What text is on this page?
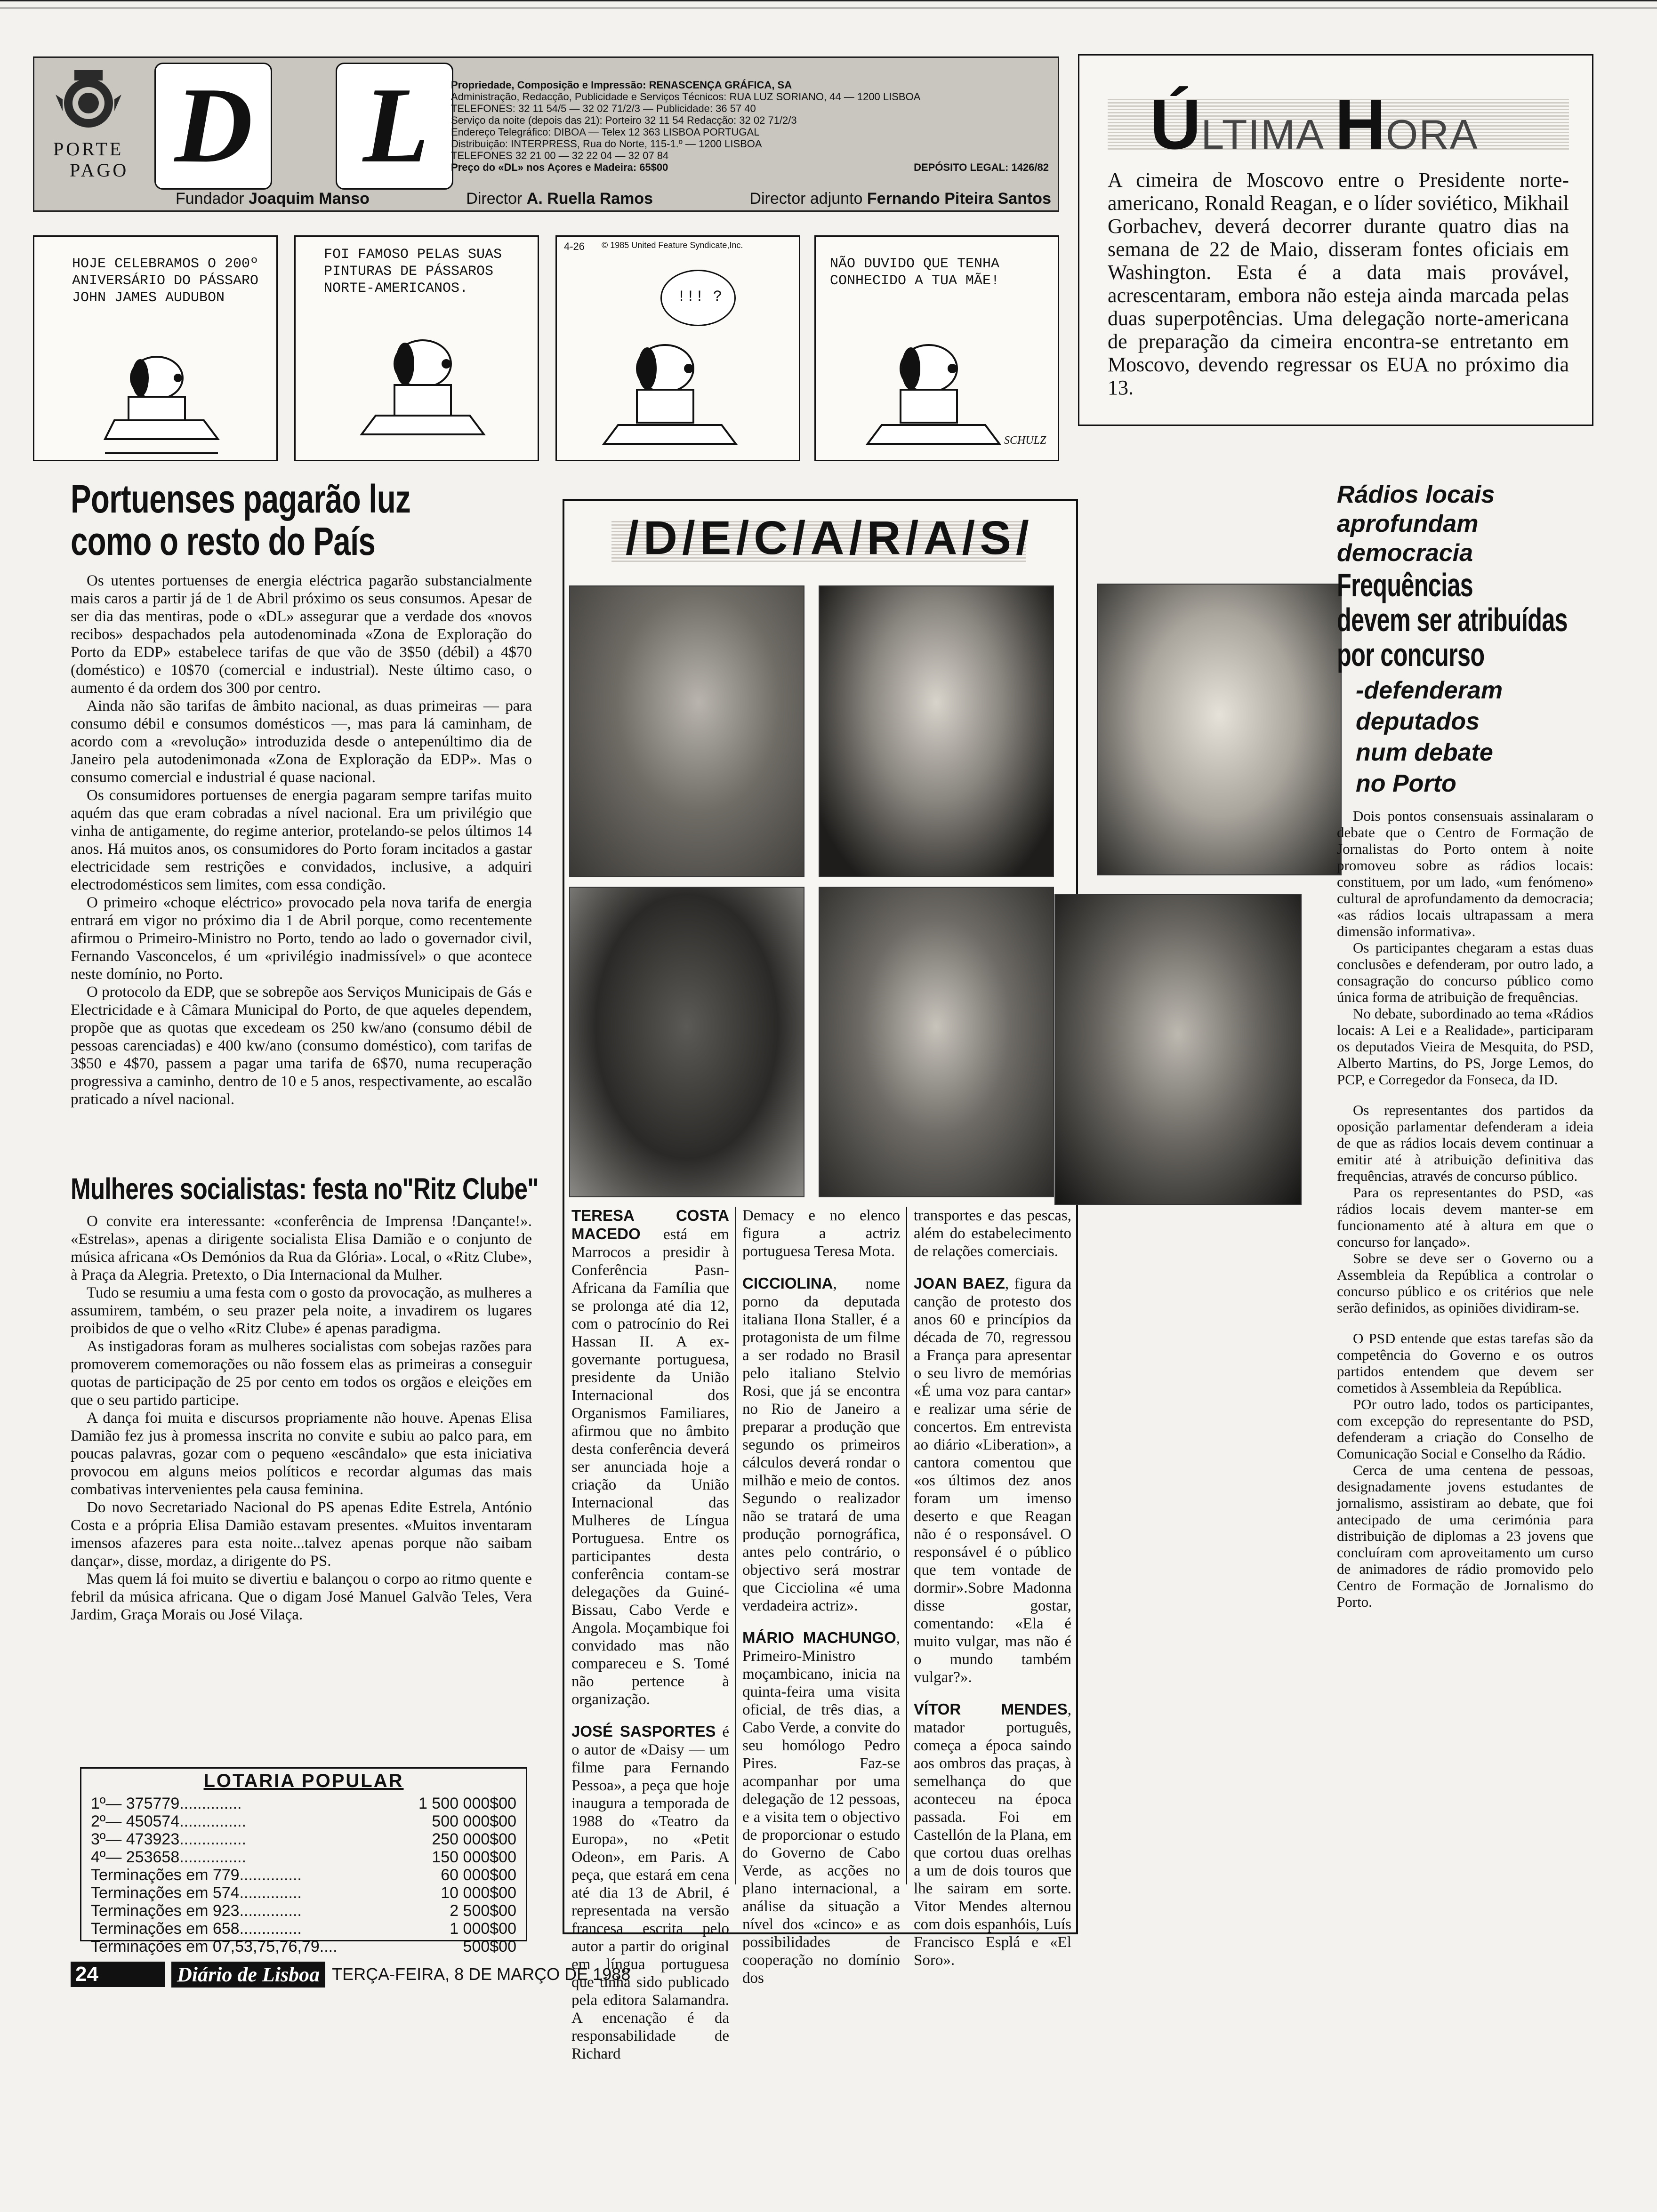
PORTE
PAGO D L Propriedade, Composição e Impressão: RENASCENÇA GRÁFICA, SA
Administração, Redacção, Publicidade e Serviços Técnicos: RUA LUZ SORIANO, 44 — 1200 LISBOA
TELEFONES: 32 11 54/5 — 32 02 71/2/3 — Publicidade: 36 57 40
Serviço da noite (depois das 21): Porteiro 32 11 54 Redacção: 32 02 71/2/3
Endereço Telegráfico: DIBOA — Telex 12 363 LISBOA PORTUGAL
Distribuição: INTERPRESS, Rua do Norte, 115-1.º — 1200 LISBOA
TELEFONES 32 21 00 — 32 22 04 — 32 07 84
Preço do «DL» nos Açores e Madeira: 65$00	DEPÓSITO LEGAL: 1426/82
Fundador Joaquim Manso	Director A. Ruella Ramos	Director adjunto Fernando Piteira Santos
ÚLTIMA HORA
A cimeira de Moscovo entre o Presidente norte-americano, Ronald Reagan, e o líder soviético, Mikhail Gorbachev, deverá decorrer durante quatro dias na semana de 22 de Maio, disseram fontes oficiais em Washington. Esta é a data mais provável, acrescentaram, embora não esteja ainda marcada pelas duas superpotências. Uma delegação norte-americana de preparação da cimeira encontra-se entretanto em Moscovo, devendo regressar os EUA no próximo dia 13.
HOJE CELEBRAMOS O 200º ANIVERSÁRIO DO PÁSSARO JOHN JAMES AUDUBON
FOI FAMOSO PELAS SUAS PINTURAS DE PÁSSAROS NORTE-AMERICANOS.
4-26 © 1985 United Feature Syndicate,Inc.
!!! ?
NÃO DUVIDO QUE TENHA CONHECIDO A TUA MÃE!
SCHULZ
Portuenses pagarão luz
como o resto do País

Os utentes portuenses de energia eléctrica pagarão substancialmente mais caros a partir já de 1 de Abril próximo os seus consumos. Apesar de ser dia das mentiras, pode o «DL» assegurar que a verdade dos «novos recibos» despachados pela autodenominada «Zona de Exploração do Porto da EDP» estabelece tarifas de que vão de 3$50 (débil) a 4$70 (doméstico) e 10$70 (comercial e industrial). Neste último caso, o aumento é da ordem dos 300 por centro.

Ainda não são tarifas de âmbito nacional, as duas primeiras — para consumo débil e consumos domésticos —, mas para lá caminham, de acordo com a «revolução» introduzida desde o antepenúltimo dia de Janeiro pela autodenimonada «Zona de Exploração da EDP». Mas o consumo comercial e industrial é quase nacional.

Os consumidores portuenses de energia pagaram sempre tarifas muito aquém das que eram cobradas a nível nacional. Era um privilégio que vinha de antigamente, do regime anterior, protelando-se pelos últimos 14 anos. Há muitos anos, os consumidores do Porto foram incitados a gastar electricidade sem restrições e convidados, inclusive, a adquiri electrodomésticos sem limites, com essa condição.

O primeiro «choque eléctrico» provocado pela nova tarifa de energia entrará em vigor no próximo dia 1 de Abril porque, como recentemente afirmou o Primeiro-Ministro no Porto, tendo ao lado o governador civil, Fernando Vasconcelos, é um «privilégio inadmissível» o que acontece neste domínio, no Porto.

O protocolo da EDP, que se sobrepõe aos Serviços Municipais de Gás e Electricidade e à Câmara Municipal do Porto, de que aqueles dependem, propõe que as quotas que excedeam os 250 kw/ano (consumo débil de pessoas carenciadas) e 400 kw/ano (consumo doméstico), com tarifas de 3$50 e 4$70, passem a pagar uma tarifa de 6$70, numa recuperação progressiva a caminho, dentro de 10 e 5 anos, respectivamente, ao escalão praticado a nível nacional.

Mulheres socialistas: festa no"Ritz Clube"

O convite era interessante: «conferência de Imprensa !Dançante!». «Estrelas», apenas a dirigente socialista Elisa Damião e o conjunto de música africana «Os Demónios da Rua da Glória». Local, o «Ritz Clube», à Praça da Alegria. Pretexto, o Dia Internacional da Mulher.

Tudo se resumiu a uma festa com o gosto da provocação, as mulheres a assumirem, também, o seu prazer pela noite, a invadirem os lugares proibidos de que o velho «Ritz Clube» é apenas paradigma.

As instigadoras foram as mulheres socialistas com sobejas razões para promoverem comemorações ou não fossem elas as primeiras a conseguir quotas de participação de 25 por cento em todos os orgãos e eleições em que o seu partido participe.

A dança foi muita e discursos propriamente não houve. Apenas Elisa Damião fez jus à promessa inscrita no convite e subiu ao palco para, em poucas palavras, gozar com o pequeno «escândalo» que esta iniciativa provocou em alguns meios políticos e recordar algumas das mais combativas intervenientes pela causa feminina.

Do novo Secretariado Nacional do PS apenas Edite Estrela, António Costa e a própria Elisa Damião estavam presentes. «Muitos inventaram imensos afazeres para esta noite...talvez apenas porque não saibam dançar», disse, mordaz, a dirigente do PS.

Mas quem lá foi muito se divertiu e balançou o corpo ao ritmo quente e febril da música africana. Que o digam José Manuel Galvão Teles, Vera Jardim, Graça Morais ou José Vilaça.

LOTARIA POPULAR
1º— 375779..............	1 500 000$00
2º— 450574...............	500 000$00
3º— 473923...............	250 000$00
4º— 253658...............	150 000$00
Terminações em 779..............	60 000$00
Terminações em 574..............	10 000$00
Terminações em 923..............	2 500$00
Terminações em 658..............	1 000$00
Terminações em 07,53,75,76,79....	500$00
24	Diário de Lisboa TERÇA-FEIRA, 8 DE MARÇO DE 1988
/D/E/C/A/R/A/S/

TERESA COSTA MACEDO está em Marrocos a presidir à Conferência Pasn-Africana da Família que se prolonga até dia 12, com o patrocínio do Rei Hassan II. A ex-governante portuguesa, presidente da União Internacional dos Organismos Familiares, afirmou que no âmbito desta conferência deverá ser anunciada hoje a criação da União Internacional das Mulheres de Língua Portuguesa. Entre os participantes desta conferência contam-se delegações da Guiné-Bissau, Cabo Verde e Angola. Moçambique foi convidado mas não compareceu e S. Tomé não pertence à organização.

JOSÉ SASPORTES é o autor de «Daisy — um filme para Fernando Pessoa», a peça que hoje inaugura a temporada de 1988 do «Teatro da Europa», no «Petit Odeon», em Paris. A peça, que estará em cena até dia 13 de Abril, é representada na versão francesa escrita pelo autor a partir do original em língua portuguesa que tinha sido publicado pela editora Salamandra. A encenação é da responsabilidade de Richard

Demacy e no elenco figura a actriz portuguesa Teresa Mota.

CICCIOLINA, nome porno da deputada italiana Ilona Staller, é a protagonista de um filme a ser rodado no Brasil pelo italiano Stelvio Rosi, que já se encontra no Rio de Janeiro a preparar a produção que segundo os primeiros cálculos deverá rondar o milhão e meio de contos. Segundo o realizador não se tratará de uma produção pornográfica, antes pelo contrário, o objectivo será mostrar que Cicciolina «é uma verdadeira actriz».

MÁRIO MACHUNGO, Primeiro-Ministro moçambicano, inicia na quinta-feira uma visita oficial, de três dias, a Cabo Verde, a convite do seu homólogo Pedro Pires. Faz-se acompanhar por uma delegação de 12 pessoas, e a visita tem o objectivo de proporcionar o estudo do Governo de Cabo Verde, as acções no plano internacional, a análise da situação a nível dos «cinco» e as possibilidades de cooperação no domínio dos

transportes e das pescas, além do estabelecimento de relações comerciais.

JOAN BAEZ, figura da canção de protesto dos anos 60 e princípios da década de 70, regressou a França para apresentar o seu livro de memórias «É uma voz para cantar» e realizar uma série de concertos. Em entrevista ao diário «Liberation», a cantora comentou que «os últimos dez anos foram um imenso deserto e que Reagan não é o responsável. O responsável é o público que tem vontade de dormir».Sobre Madonna disse gostar, comentando: «Ela é muito vulgar, mas não é o mundo também vulgar?».

VÍTOR MENDES, matador português, começa a época saindo aos ombros das praças, à semelhança do que aconteceu na época passada. Foi em Castellón de la Plana, em que cortou duas orelhas a um de dois touros que lhe sairam em sorte. Vitor Mendes alternou com dois espanhóis, Luís Francisco Esplá e «El Soro».

Rádios locais
aprofundam
democracia
Frequências
devem ser atribuídas
por concurso
-defenderam
deputados
num debate
no Porto

Dois pontos consensuais assinalaram o debate que o Centro de Formação de Jornalistas do Porto ontem à noite promoveu sobre as rádios locais: constituem, por um lado, «um fenómeno» cultural de aprofundamento da democracia; «as rádios locais ultrapassam a mera dimensão informativa».

Os participantes chegaram a estas duas conclusões e defenderam, por outro lado, a consagração do concurso público como única forma de atribuição de frequências.

No debate, subordinado ao tema «Rádios locais: A Lei e a Realidade», participaram os deputados Vieira de Mesquita, do PSD, Alberto Martins, do PS, Jorge Lemos, do PCP, e Corregedor da Fonseca, da ID.

Os representantes dos partidos da oposição parlamentar defenderam a ideia de que as rádios locais devem continuar a emitir até à atribuição definitiva das frequências, através de concurso público.

Para os representantes do PSD, «as rádios locais devem manter-se em funcionamento até à altura em que o concurso for lançado».

Sobre se deve ser o Governo ou a Assembleia da República a controlar o concurso público e os critérios que nele serão definidos, as opiniões dividiram-se.

O PSD entende que estas tarefas são da competência do Governo e os outros partidos entendem que devem ser cometidos à Assembleia da República.

POr outro lado, todos os participantes, com excepção do representante do PSD, defenderam a criação do Conselho de Comunicação Social e Conselho da Rádio.

Cerca de uma centena de pessoas, designadamente jovens estudantes de jornalismo, assistiram ao debate, que foi antecipado de uma cerimónia para distribuição de diplomas a 23 jovens que concluíram com aproveitamento um curso de animadores de rádio promovido pelo Centro de Formação de Jornalismo do Porto.
